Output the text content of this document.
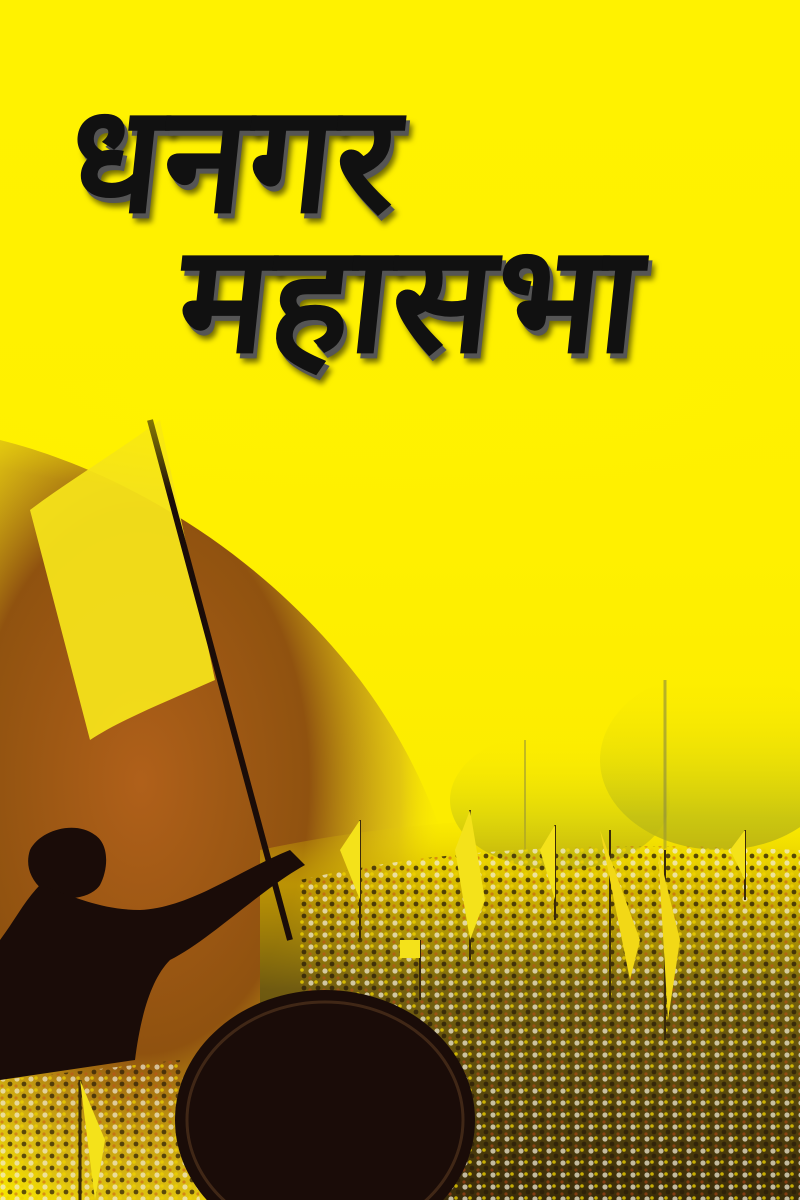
धनगर
महासभा
